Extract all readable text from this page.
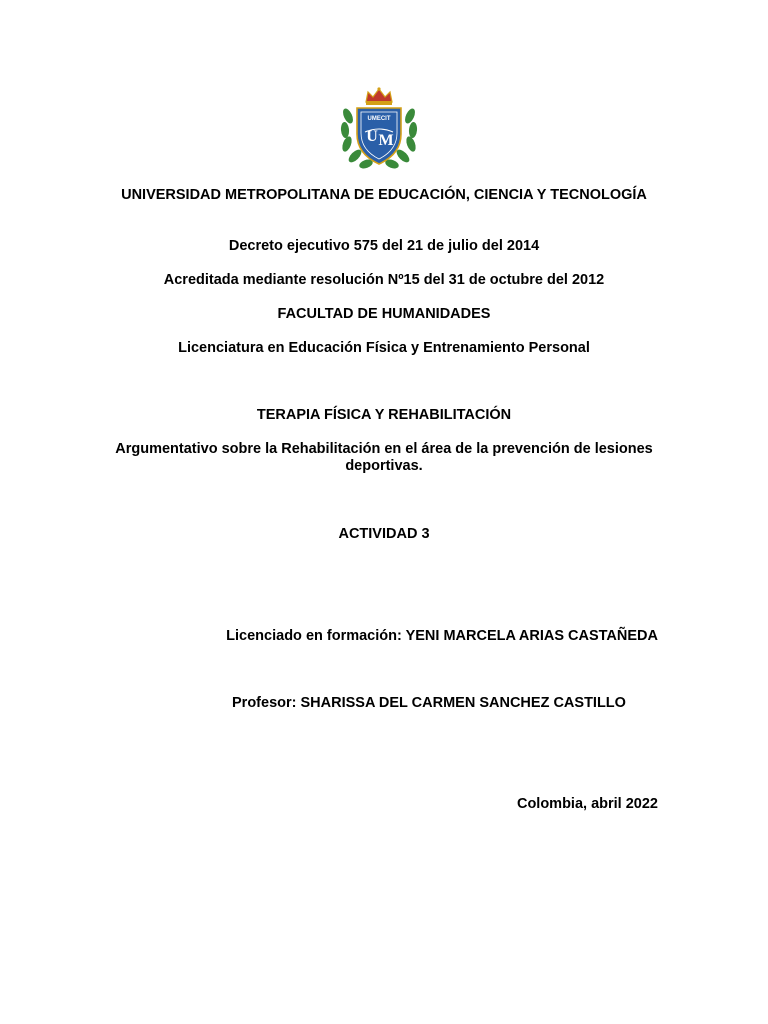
UMECIT
U M
UNIVERSIDAD METROPOLITANA DE EDUCACIÓN, CIENCIA Y TECNOLOGÍA
Decreto ejecutivo 575 del 21 de julio del 2014
Acreditada mediante resolución Nº15 del 31 de octubre del 2012
FACULTAD DE HUMANIDADES
Licenciatura en Educación Física y Entrenamiento Personal
TERAPIA FÍSICA Y REHABILITACIÓN
Argumentativo sobre la Rehabilitación en el área de la prevención de lesiones deportivas.
ACTIVIDAD 3
Licenciado en formación: YENI MARCELA ARIAS CASTAÑEDA
Profesor: SHARISSA DEL CARMEN SANCHEZ CASTILLO
Colombia, abril 2022
